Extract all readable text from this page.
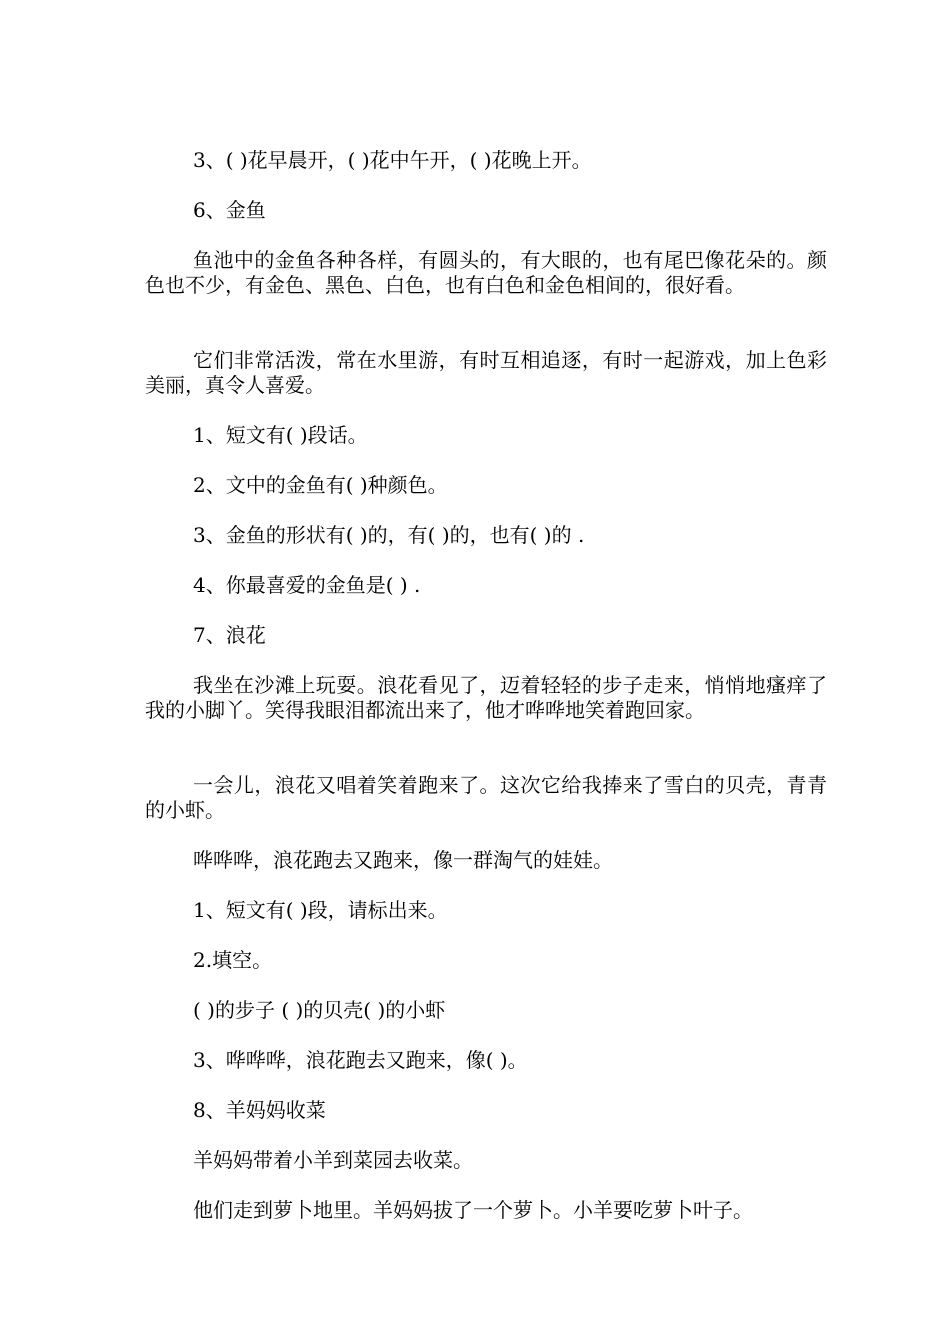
3、( )花早晨开，( )花中午开，( )花晚上开。

6、金鱼

鱼池中的金鱼各种各样，有圆头的，有大眼的，也有尾巴像花朵的。颜色也不少，有金色、黑色、白色，也有白色和金色相间的，很好看。

它们非常活泼，常在水里游，有时互相追逐，有时一起游戏，加上色彩美丽，真令人喜爱。

1、短文有( )段话。

2、文中的金鱼有( )种颜色。

3、金鱼的形状有( )的，有( )的，也有( )的 .

4、你最喜爱的金鱼是( ) .

7、浪花

我坐在沙滩上玩耍。浪花看见了，迈着轻轻的步子走来，悄悄地瘙痒了我的小脚丫。笑得我眼泪都流出来了，他才哗哗地笑着跑回家。

一会儿，浪花又唱着笑着跑来了。这次它给我捧来了雪白的贝壳，青青的小虾。

哗哗哗，浪花跑去又跑来，像一群淘气的娃娃。

1、短文有( )段，请标出来。

2.填空。

( )的步子 ( )的贝壳( )的小虾

3、哗哗哗，浪花跑去又跑来，像( )。

8、羊妈妈收菜

羊妈妈带着小羊到菜园去收菜。

他们走到萝卜地里。羊妈妈拔了一个萝卜。小羊要吃萝卜叶子。
